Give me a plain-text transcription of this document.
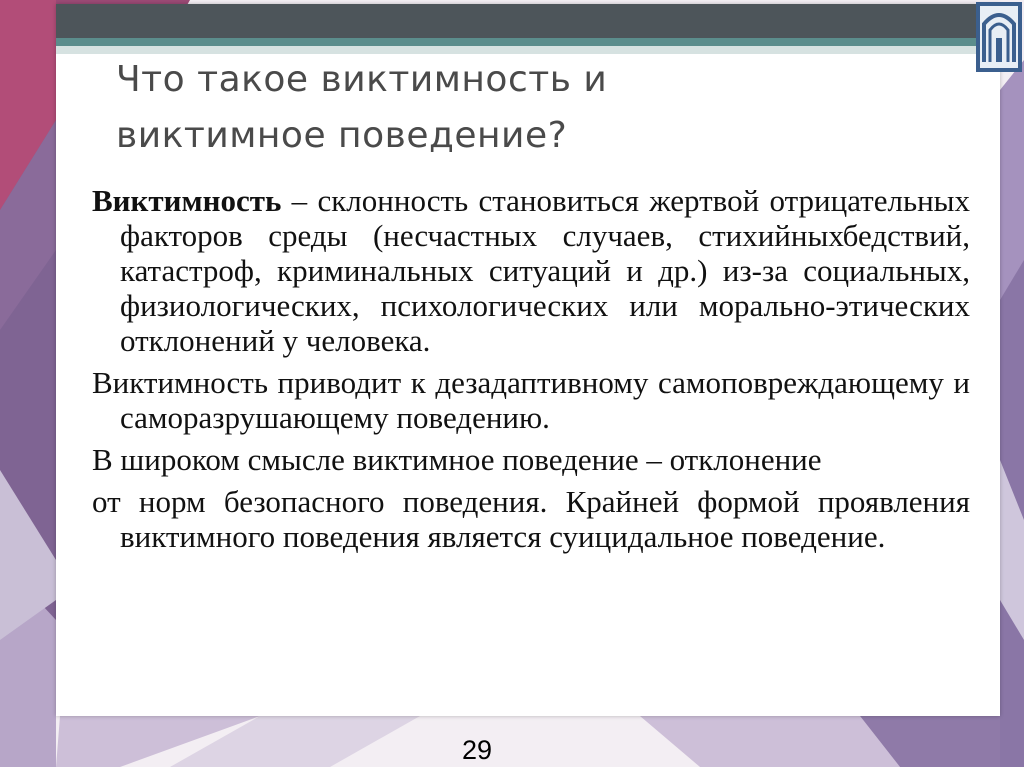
Что такое виктимность и
виктимное поведение?

Виктимность – склонность становиться жертвой отрицательных факторов среды (несчастных случаев, стихийныхбедствий, катастроф, криминальных ситуаций и др.) из-за социальных, физиологических, психологических или морально-этических отклонений у человека.

Виктимность приводит к дезадаптивному самоповреждающему и саморазрушающему поведению.

В широком смысле виктимное поведение – отклонение

от норм безопасного поведения. Крайней формой проявления виктимного поведения является суицидальное поведение.

29
